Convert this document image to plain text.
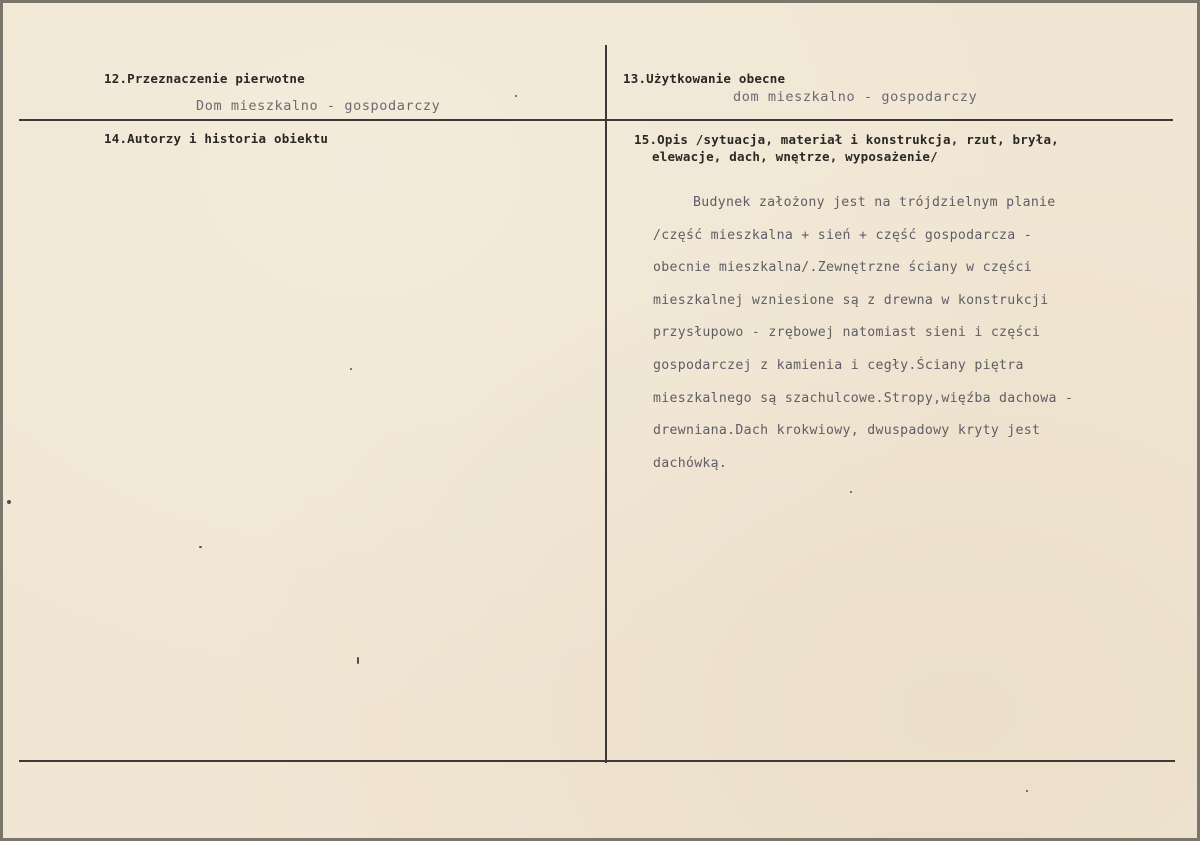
12.Przeznaczenie pierwotne
Dom mieszkalno - gospodarczy
13.Użytkowanie obecne
dom mieszkalno - gospodarczy
14.Autorzy i historia obiektu	15.Opis /sytuacja, materiał i konstrukcja, rzut, bryła,
elewacje, dach, wnętrze, wyposażenie/
Budynek założony jest na trójdzielnym planie
/część mieszkalna + sień + część gospodarcza -
obecnie mieszkalna/.Zewnętrzne ściany w części
mieszkalnej wzniesione są z drewna w konstrukcji
przysłupowo - zrębowej natomiast sieni i części
gospodarczej z kamienia i cegły.Ściany piętra
mieszkalnego są szachulcowe.Stropy,więźba dachowa -
drewniana.Dach krokwiowy, dwuspadowy kryty jest
dachówką.
